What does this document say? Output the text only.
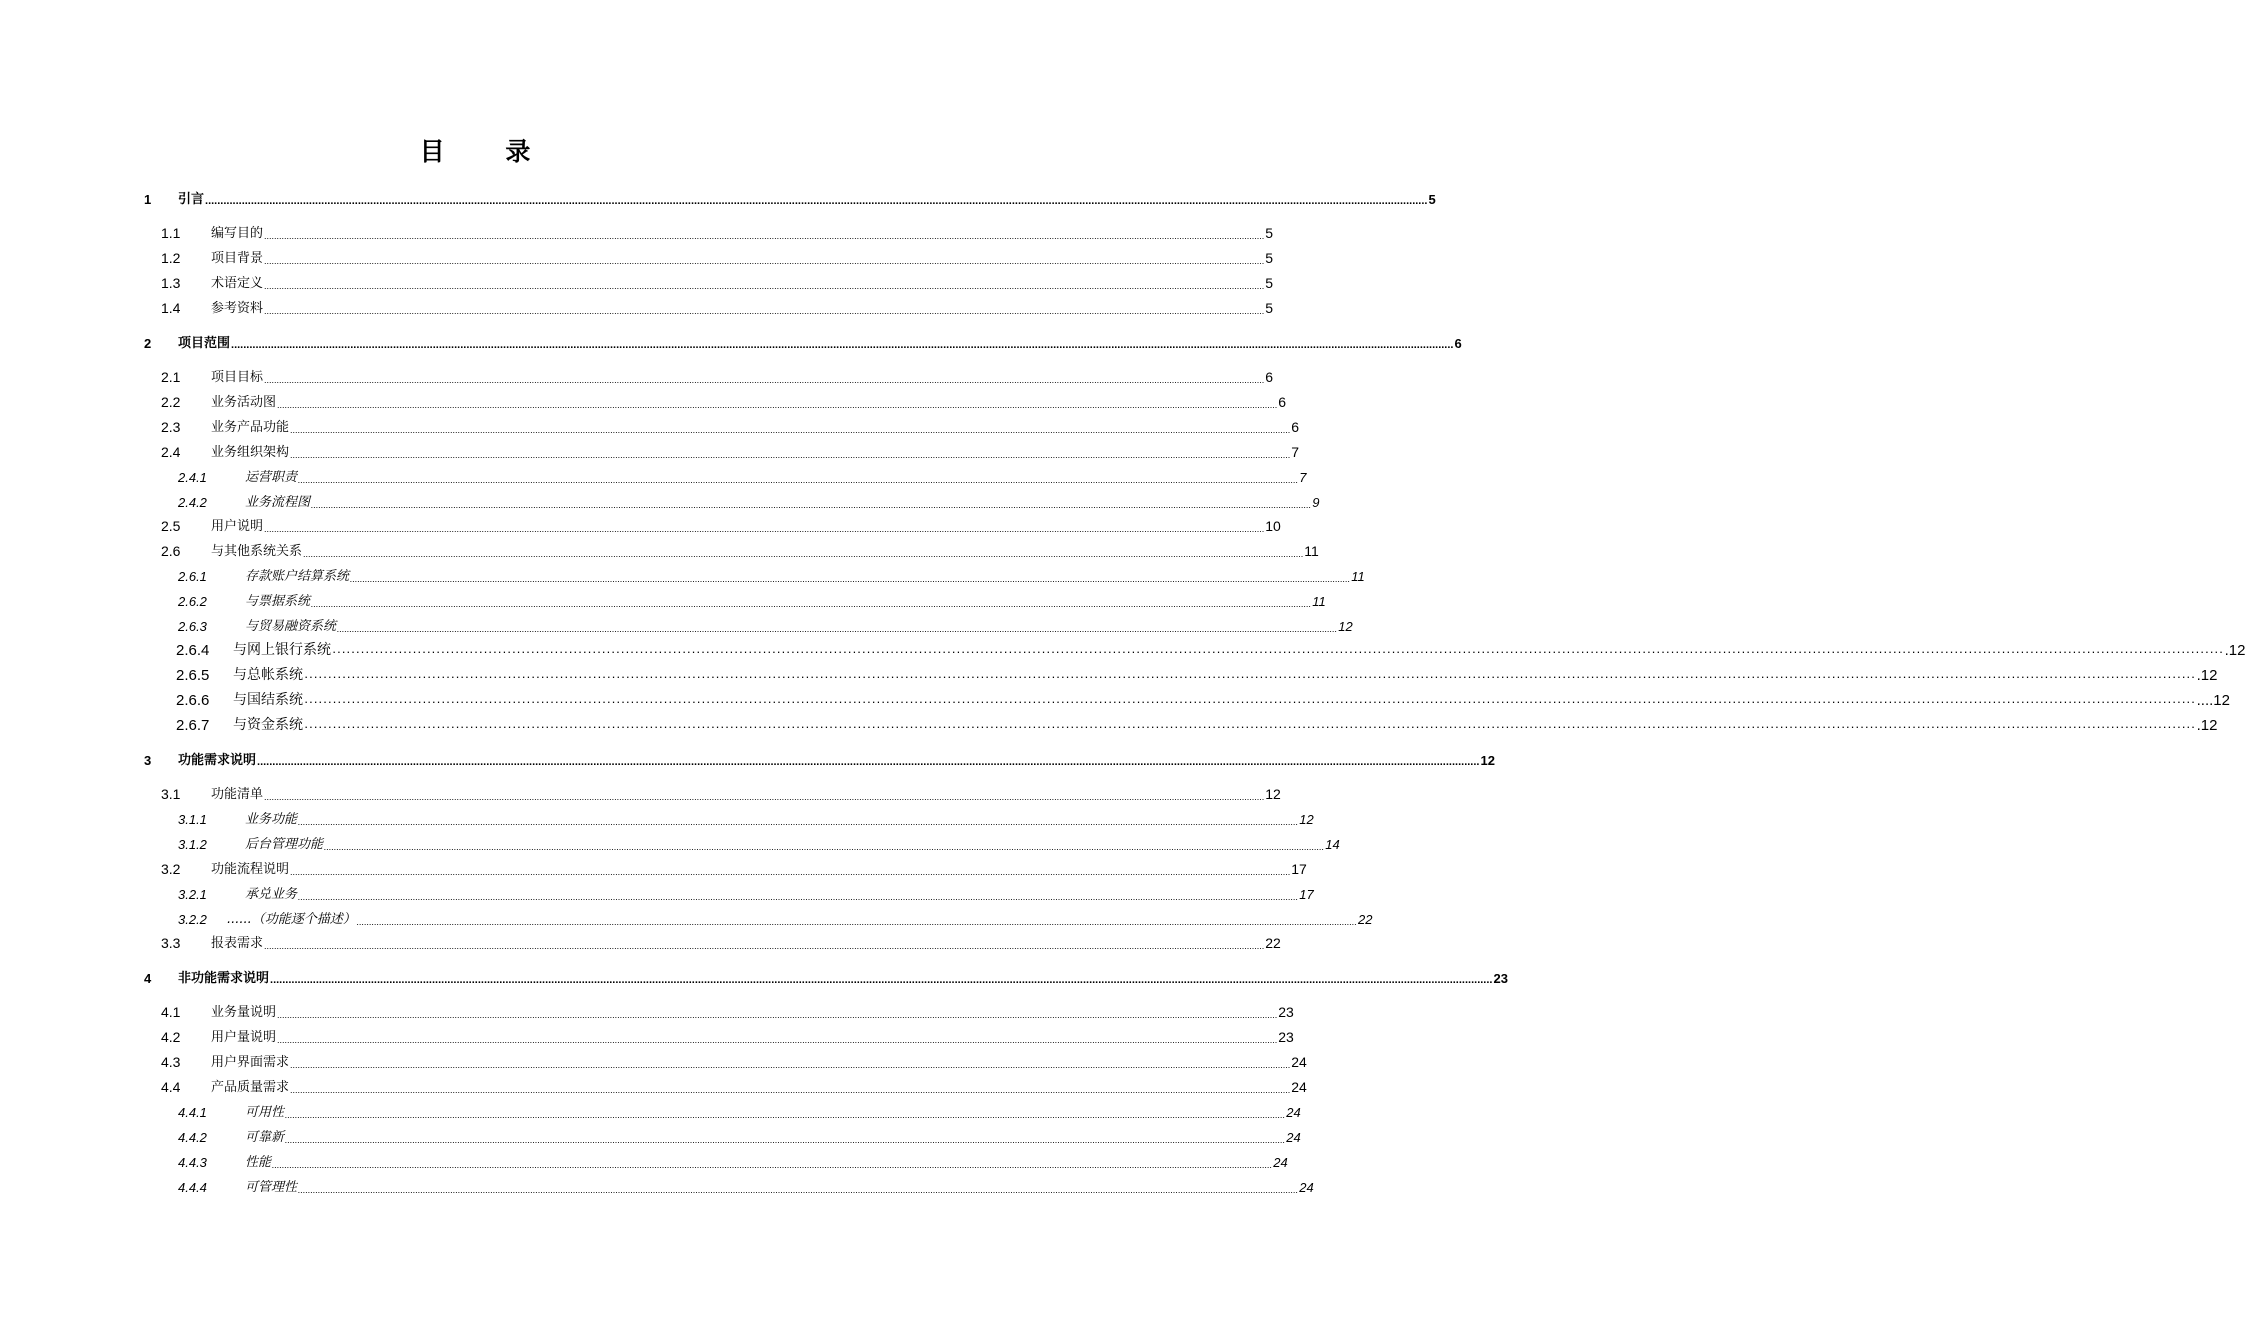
目 录
1	引言 ................................................................................................................................................................................................................................................................................................................................................................................................................ 5
1.1	编写目的 ................................................................................................................................................................................................................................................................................................................................................................................................................ 5
1.2	项目背景 ................................................................................................................................................................................................................................................................................................................................................................................................................ 5
1.3	术语定义 ................................................................................................................................................................................................................................................................................................................................................................................................................ 5
1.4	参考资料 ................................................................................................................................................................................................................................................................................................................................................................................................................ 5
2	项目范围 ................................................................................................................................................................................................................................................................................................................................................................................................................ 6
2.1	项目目标 ................................................................................................................................................................................................................................................................................................................................................................................................................ 6
2.2	业务活动图 ................................................................................................................................................................................................................................................................................................................................................................................................................ 6
2.3	业务产品功能 ................................................................................................................................................................................................................................................................................................................................................................................................................ 6
2.4	业务组织架构 ................................................................................................................................................................................................................................................................................................................................................................................................................ 7
2.4.1	运营职责 ................................................................................................................................................................................................................................................................................................................................................................................................................ 7
2.4.2	业务流程图 ................................................................................................................................................................................................................................................................................................................................................................................................................ 9
2.5	用户说明 ................................................................................................................................................................................................................................................................................................................................................................................................................ 10
2.6	与其他系统关系 ................................................................................................................................................................................................................................................................................................................................................................................................................ 11
2.6.1	存款账户结算系统 ................................................................................................................................................................................................................................................................................................................................................................................................................ 11
2.6.2	与票据系统 ................................................................................................................................................................................................................................................................................................................................................................................................................ 11
2.6.3	与贸易融资系统 ................................................................................................................................................................................................................................................................................................................................................................................................................ 12
2.6.4	与网上银行系统 ················································································································································································································································································································································································································ .12
2.6.5	与总帐系统 ················································································································································································································································································································································································································ .12
2.6.6	与国结系统 ················································································································································································································································································································································································································ ....12
2.6.7	与资金系统 ················································································································································································································································································································································································································ .12
3	功能需求说明 ................................................................................................................................................................................................................................................................................................................................................................................................................ 12
3.1	功能清单 ................................................................................................................................................................................................................................................................................................................................................................................................................ 12
3.1.1	业务功能 ................................................................................................................................................................................................................................................................................................................................................................................................................ 12
3.1.2	后台管理功能 ................................................................................................................................................................................................................................................................................................................................................................................................................ 14
3.2	功能流程说明 ................................................................................................................................................................................................................................................................................................................................................................................................................ 17
3.2.1	承兑业务 ................................................................................................................................................................................................................................................................................................................................................................................................................ 17
3.2.2	......（功能逐个描述） ................................................................................................................................................................................................................................................................................................................................................................................................................ 22
3.3	报表需求 ................................................................................................................................................................................................................................................................................................................................................................................................................ 22
4	非功能需求说明 ................................................................................................................................................................................................................................................................................................................................................................................................................ 23
4.1	业务量说明 ................................................................................................................................................................................................................................................................................................................................................................................................................ 23
4.2	用户量说明 ................................................................................................................................................................................................................................................................................................................................................................................................................ 23
4.3	用户界面需求 ................................................................................................................................................................................................................................................................................................................................................................................................................ 24
4.4	产品质量需求 ................................................................................................................................................................................................................................................................................................................................................................................................................ 24
4.4.1	可用性 ................................................................................................................................................................................................................................................................................................................................................................................................................ 24
4.4.2	可靠新 ................................................................................................................................................................................................................................................................................................................................................................................................................ 24
4.4.3	性能 ................................................................................................................................................................................................................................................................................................................................................................................................................ 24
4.4.4	可管理性 ................................................................................................................................................................................................................................................................................................................................................................................................................ 24
